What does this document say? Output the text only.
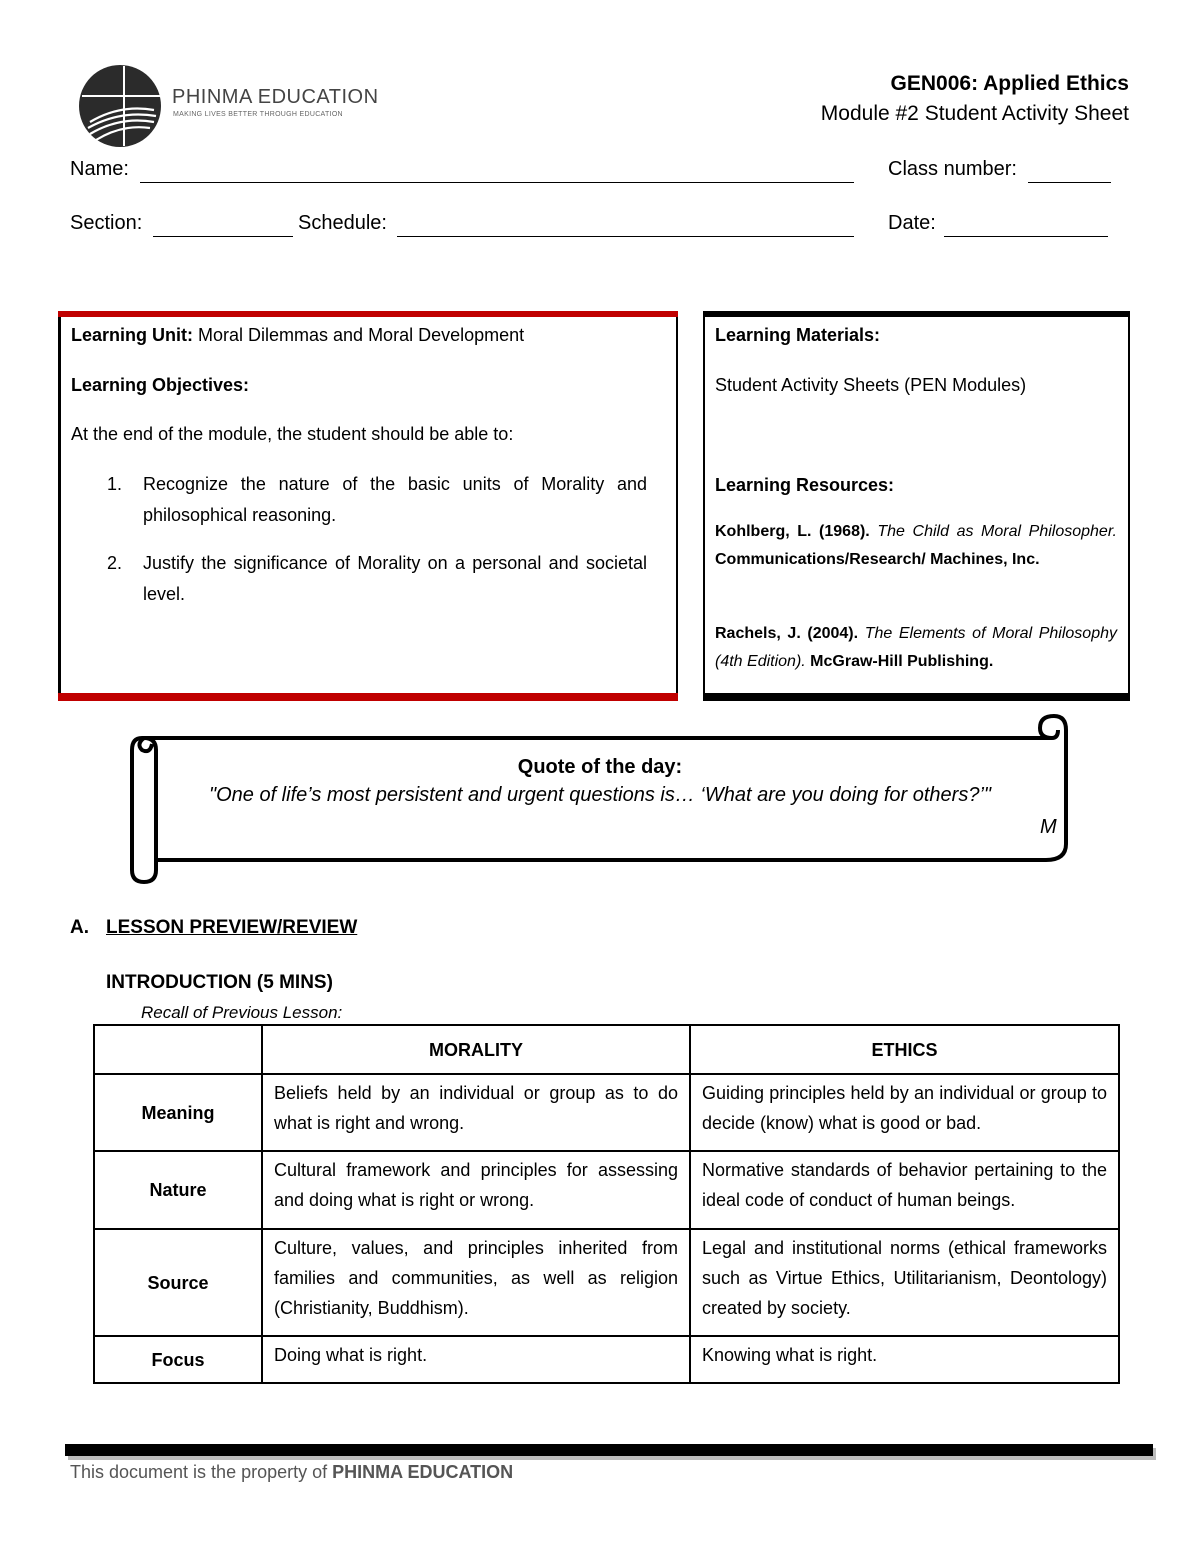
PHINMA EDUCATION
MAKING LIVES BETTER THROUGH EDUCATION
GEN006: Applied Ethics
Module #2 Student Activity Sheet
Name:	Class number:
Section:	Schedule:	Date:
Learning Unit: Moral Dilemmas and Moral Development
Learning Objectives:
At the end of the module, the student should be able to:
1. Recognize the nature of the basic units of Morality and philosophical reasoning.
2. Justify the significance of Morality on a personal and societal level.
Learning Materials:
Student Activity Sheets (PEN Modules)
Learning Resources:
Kohlberg, L. (1968). The Child as Moral Philosopher. Communications/Research/ Machines, Inc.
Rachels, J. (2004). The Elements of Moral Philosophy (4th Edition). McGraw-Hill Publishing.
Quote of the day:
"One of life’s most persistent and urgent questions is… ‘What are you doing for others?’"
M
A. LESSON PREVIEW/REVIEW
INTRODUCTION (5 MINS)
Recall of Previous Lesson:
	MORALITY	ETHICS
Meaning	Beliefs held by an individual or group as to do what is right and wrong.	Guiding principles held by an individual or group to decide (know) what is good or bad.
Nature	Cultural framework and principles for assessing and doing what is right or wrong.	Normative standards of behavior pertaining to the ideal code of conduct of human beings.
Source	Culture, values, and principles inherited from families and communities, as well as religion (Christianity, Buddhism).	Legal and institutional norms (ethical frameworks such as Virtue Ethics, Utilitarianism, Deontology) created by society.
Focus	Doing what is right.	Knowing what is right.
This document is the property of PHINMA EDUCATION
